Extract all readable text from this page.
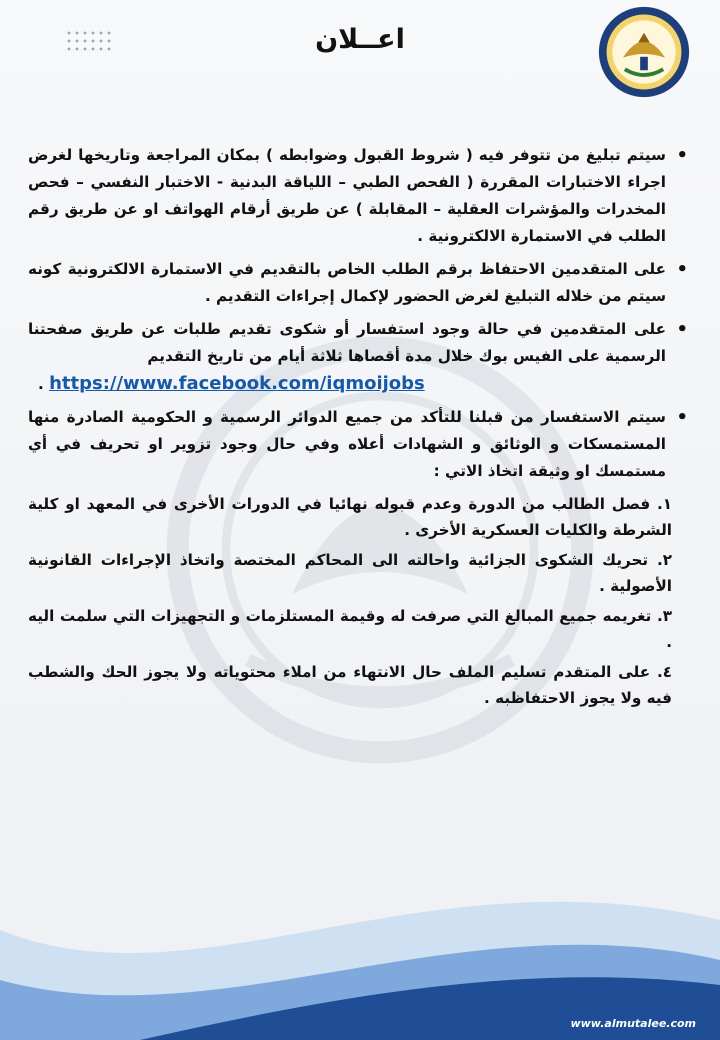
اعــلان
• سيتم تبليغ من تتوفر فيه ( شروط القبول وضوابطه ) بمكان المراجعة وتاريخها لغرض اجراء الاختبارات المقررة ( الفحص الطبي – اللياقة البدنية - الاختبار النفسي – فحص المخدرات والمؤشرات العقلية – المقابلة ) عن طريق أرقام الهواتف او عن طريق رقم الطلب في الاستمارة الالكترونية .
• على المتقدمين الاحتفاظ برقم الطلب الخاص بالتقديم في الاستمارة الالكترونية كونه سيتم من خلاله التبليغ لغرض الحضور لإكمال إجراءات التقديم .
• على المتقدمين في حالة وجود استفسار أو شكوى تقديم طلبات عن طريق صفحتنا الرسمية على الفيس بوك خلال مدة أقصاها ثلاثة أيام من تاريخ التقديم
https://www.facebook.com/iqmoijobs .
• سيتم الاستفسار من قبلنا للتأكد من جميع الدوائر الرسمية و الحكومية الصادرة منها المستمسكات و الوثائق و الشهادات أعلاه وفي حال وجود تزوير او تحريف في أي مستمسك او وثيقة اتخاذ الاتي :
١. فصل الطالب من الدورة وعدم قبوله نهائيا في الدورات الأخرى في المعهد او كلية الشرطة والكليات العسكرية الأخرى .
٢. تحريك الشكوى الجزائية واحالته الى المحاكم المختصة واتخاذ الإجراءات القانونية الأصولية .
٣. تغريمه جميع المبالغ التي صرفت له وقيمة المستلزمات و التجهيزات التي سلمت اليه .
٤. على المتقدم تسليم الملف حال الانتهاء من املاء محتوياته ولا يجوز الحك والشطب فيه ولا يجوز الاحتفاظبه .
www.almutalee.com
